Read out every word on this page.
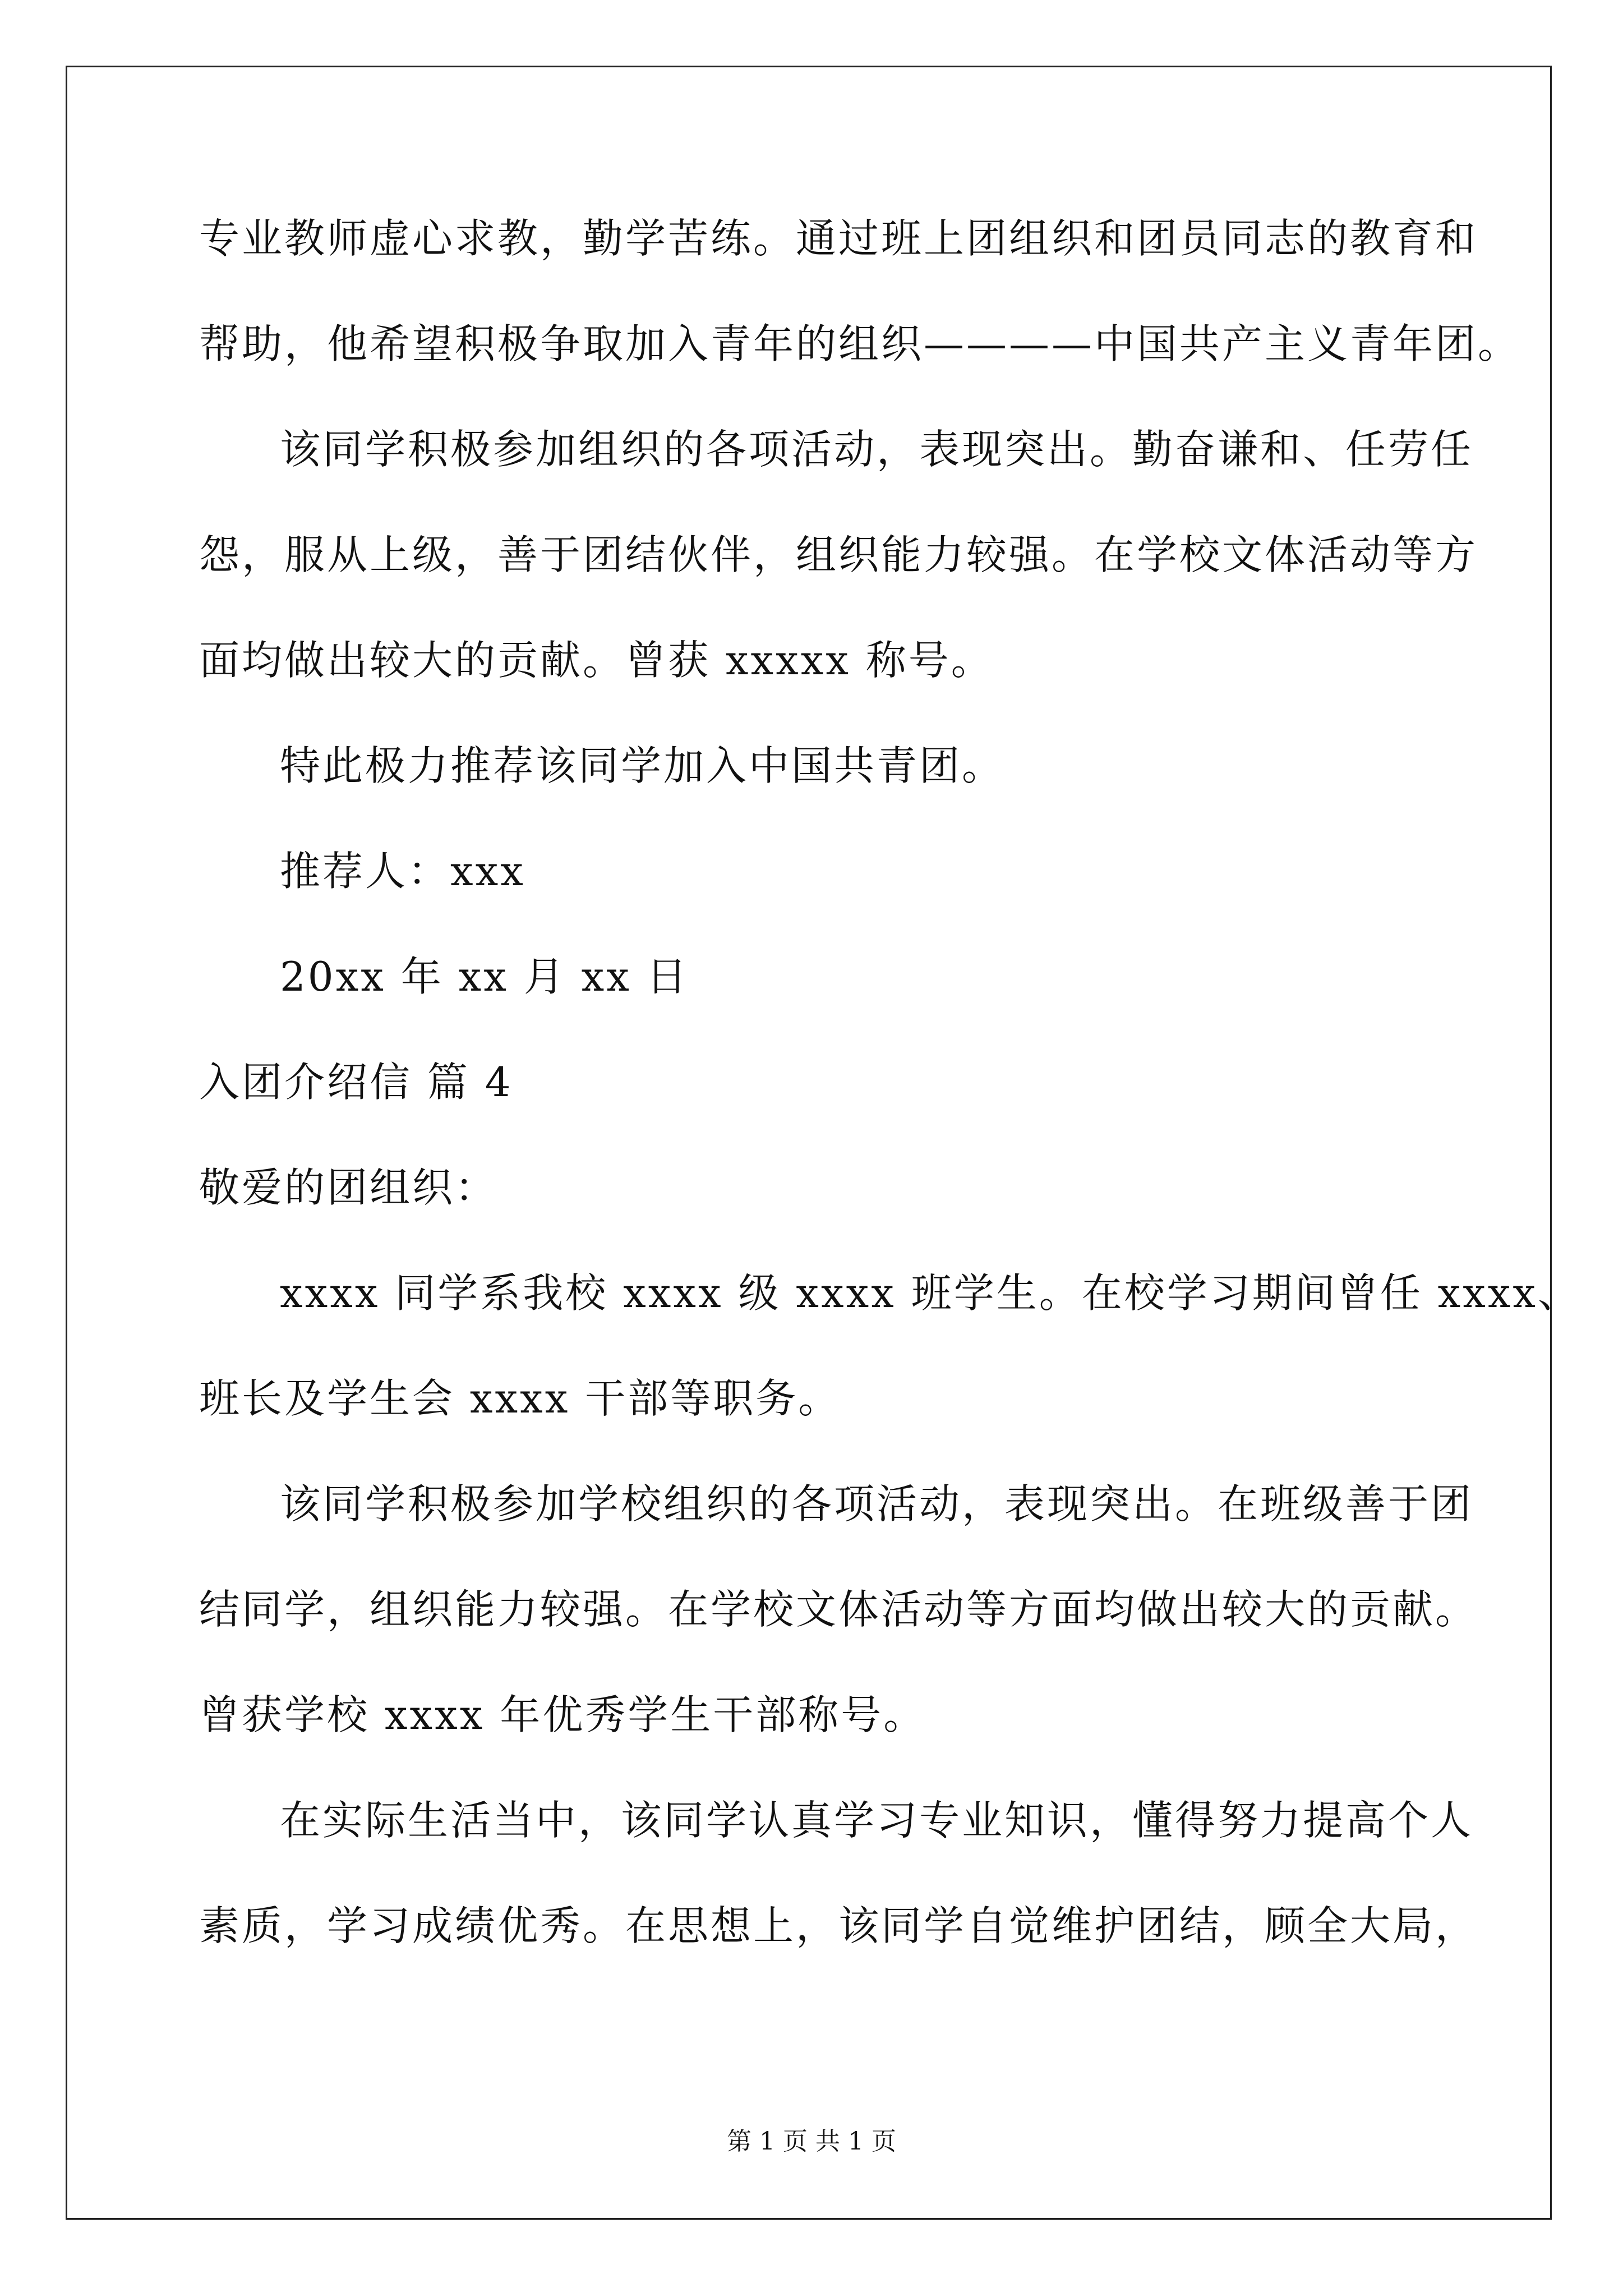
专业教师虚心求教，勤学苦练。通过班上团组织和团员同志的教育和
帮助，他希望积极争取加入青年的组织————中国共产主义青年团。
该同学积极参加组织的各项活动，表现突出。勤奋谦和、任劳任
怨，服从上级，善于团结伙伴，组织能力较强。在学校文体活动等方
面均做出较大的贡献。曾获 xxxxx 称号。
特此极力推荐该同学加入中国共青团。
推荐人：xxx
20xx 年 xx 月 xx 日
入团介绍信 篇 4
敬爱的团组织：
xxxx 同学系我校 xxxx 级 xxxx 班学生。在校学习期间曾任 xxxx、
班长及学生会 xxxx 干部等职务。
该同学积极参加学校组织的各项活动，表现突出。在班级善于团
结同学，组织能力较强。在学校文体活动等方面均做出较大的贡献。
曾获学校 xxxx 年优秀学生干部称号。
在实际生活当中，该同学认真学习专业知识，懂得努力提高个人
素质，学习成绩优秀。在思想上，该同学自觉维护团结，顾全大局，
第 1 页 共 1 页
